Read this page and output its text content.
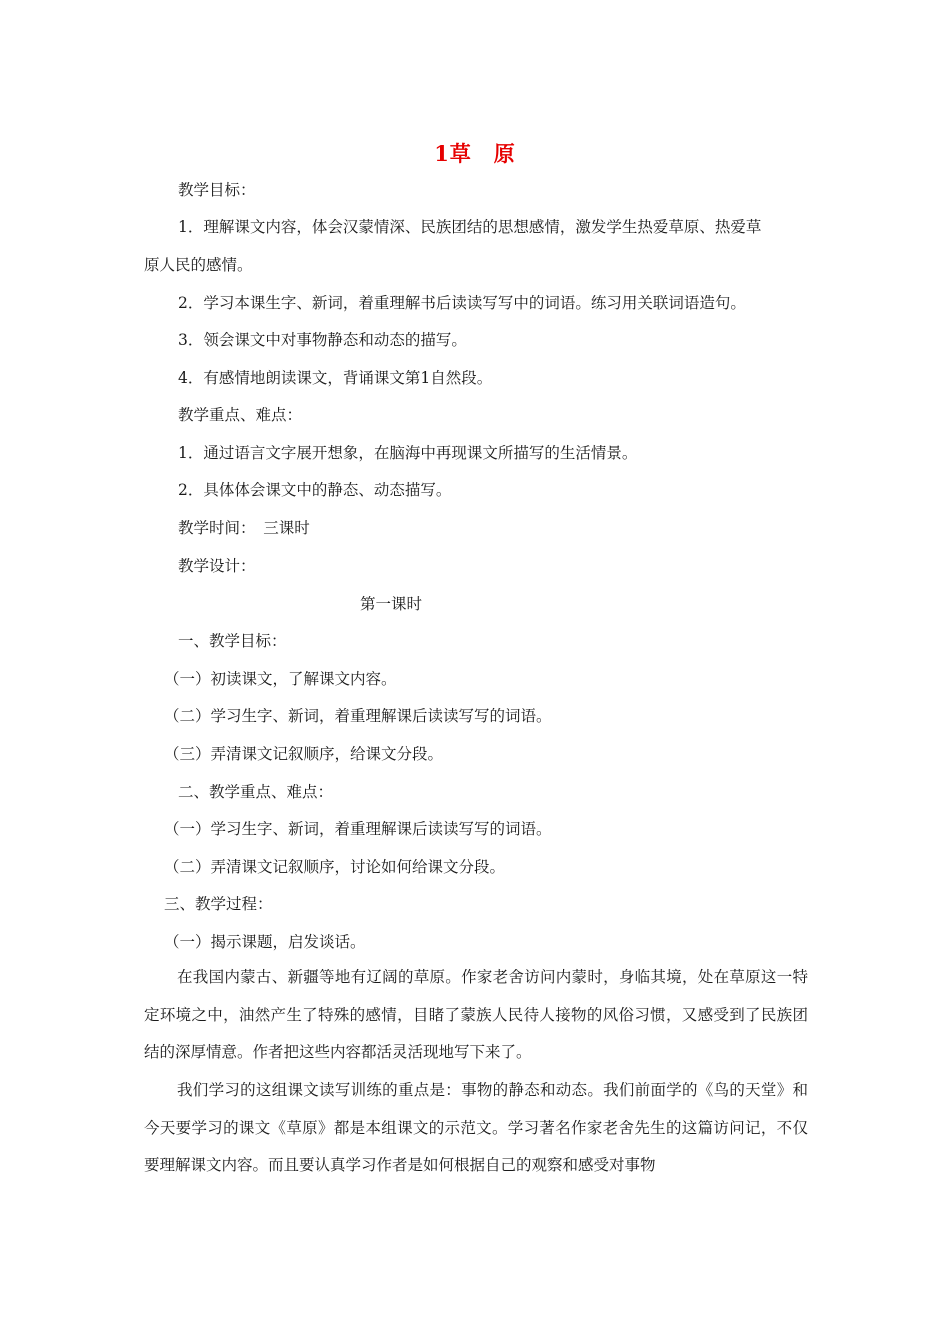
1草　原
教学目标：
1．理解课文内容，体会汉蒙情深、民族团结的思想感情，激发学生热爱草原、热爱草
原人民的感情。
2．学习本课生字、新词，着重理解书后读读写写中的词语。练习用关联词语造句。
3．领会课文中对事物静态和动态的描写。
4．有感情地朗读课文，背诵课文第1自然段。
教学重点、难点：
1．通过语言文字展开想象，在脑海中再现课文所描写的生活情景。
2．具体体会课文中的静态、动态描写。
教学时间：　三课时
教学设计：
第一课时
一、教学目标：
（一）初读课文，了解课文内容。
（二）学习生字、新词，着重理解课后读读写写的词语。
（三）弄清课文记叙顺序，给课文分段。
二、教学重点、难点：
（一）学习生字、新词，着重理解课后读读写写的词语。
（二）弄清课文记叙顺序，讨论如何给课文分段。
三、教学过程：
（一）揭示课题，启发谈话。
在我国内蒙古、新疆等地有辽阔的草原。作家老舍访问内蒙时，身临其境，处在草原这一特定环境之中，油然产生了特殊的感情，目睹了蒙族人民待人接物的风俗习惯，又感受到了民族团结的深厚情意。作者把这些内容都活灵活现地写下来了。
我们学习的这组课文读写训练的重点是：事物的静态和动态。我们前面学的《鸟的天堂》和今天要学习的课文《草原》都是本组课文的示范文。学习著名作家老舍先生的这篇访问记，不仅要理解课文内容。而且要认真学习作者是如何根据自己的观察和感受对事物
